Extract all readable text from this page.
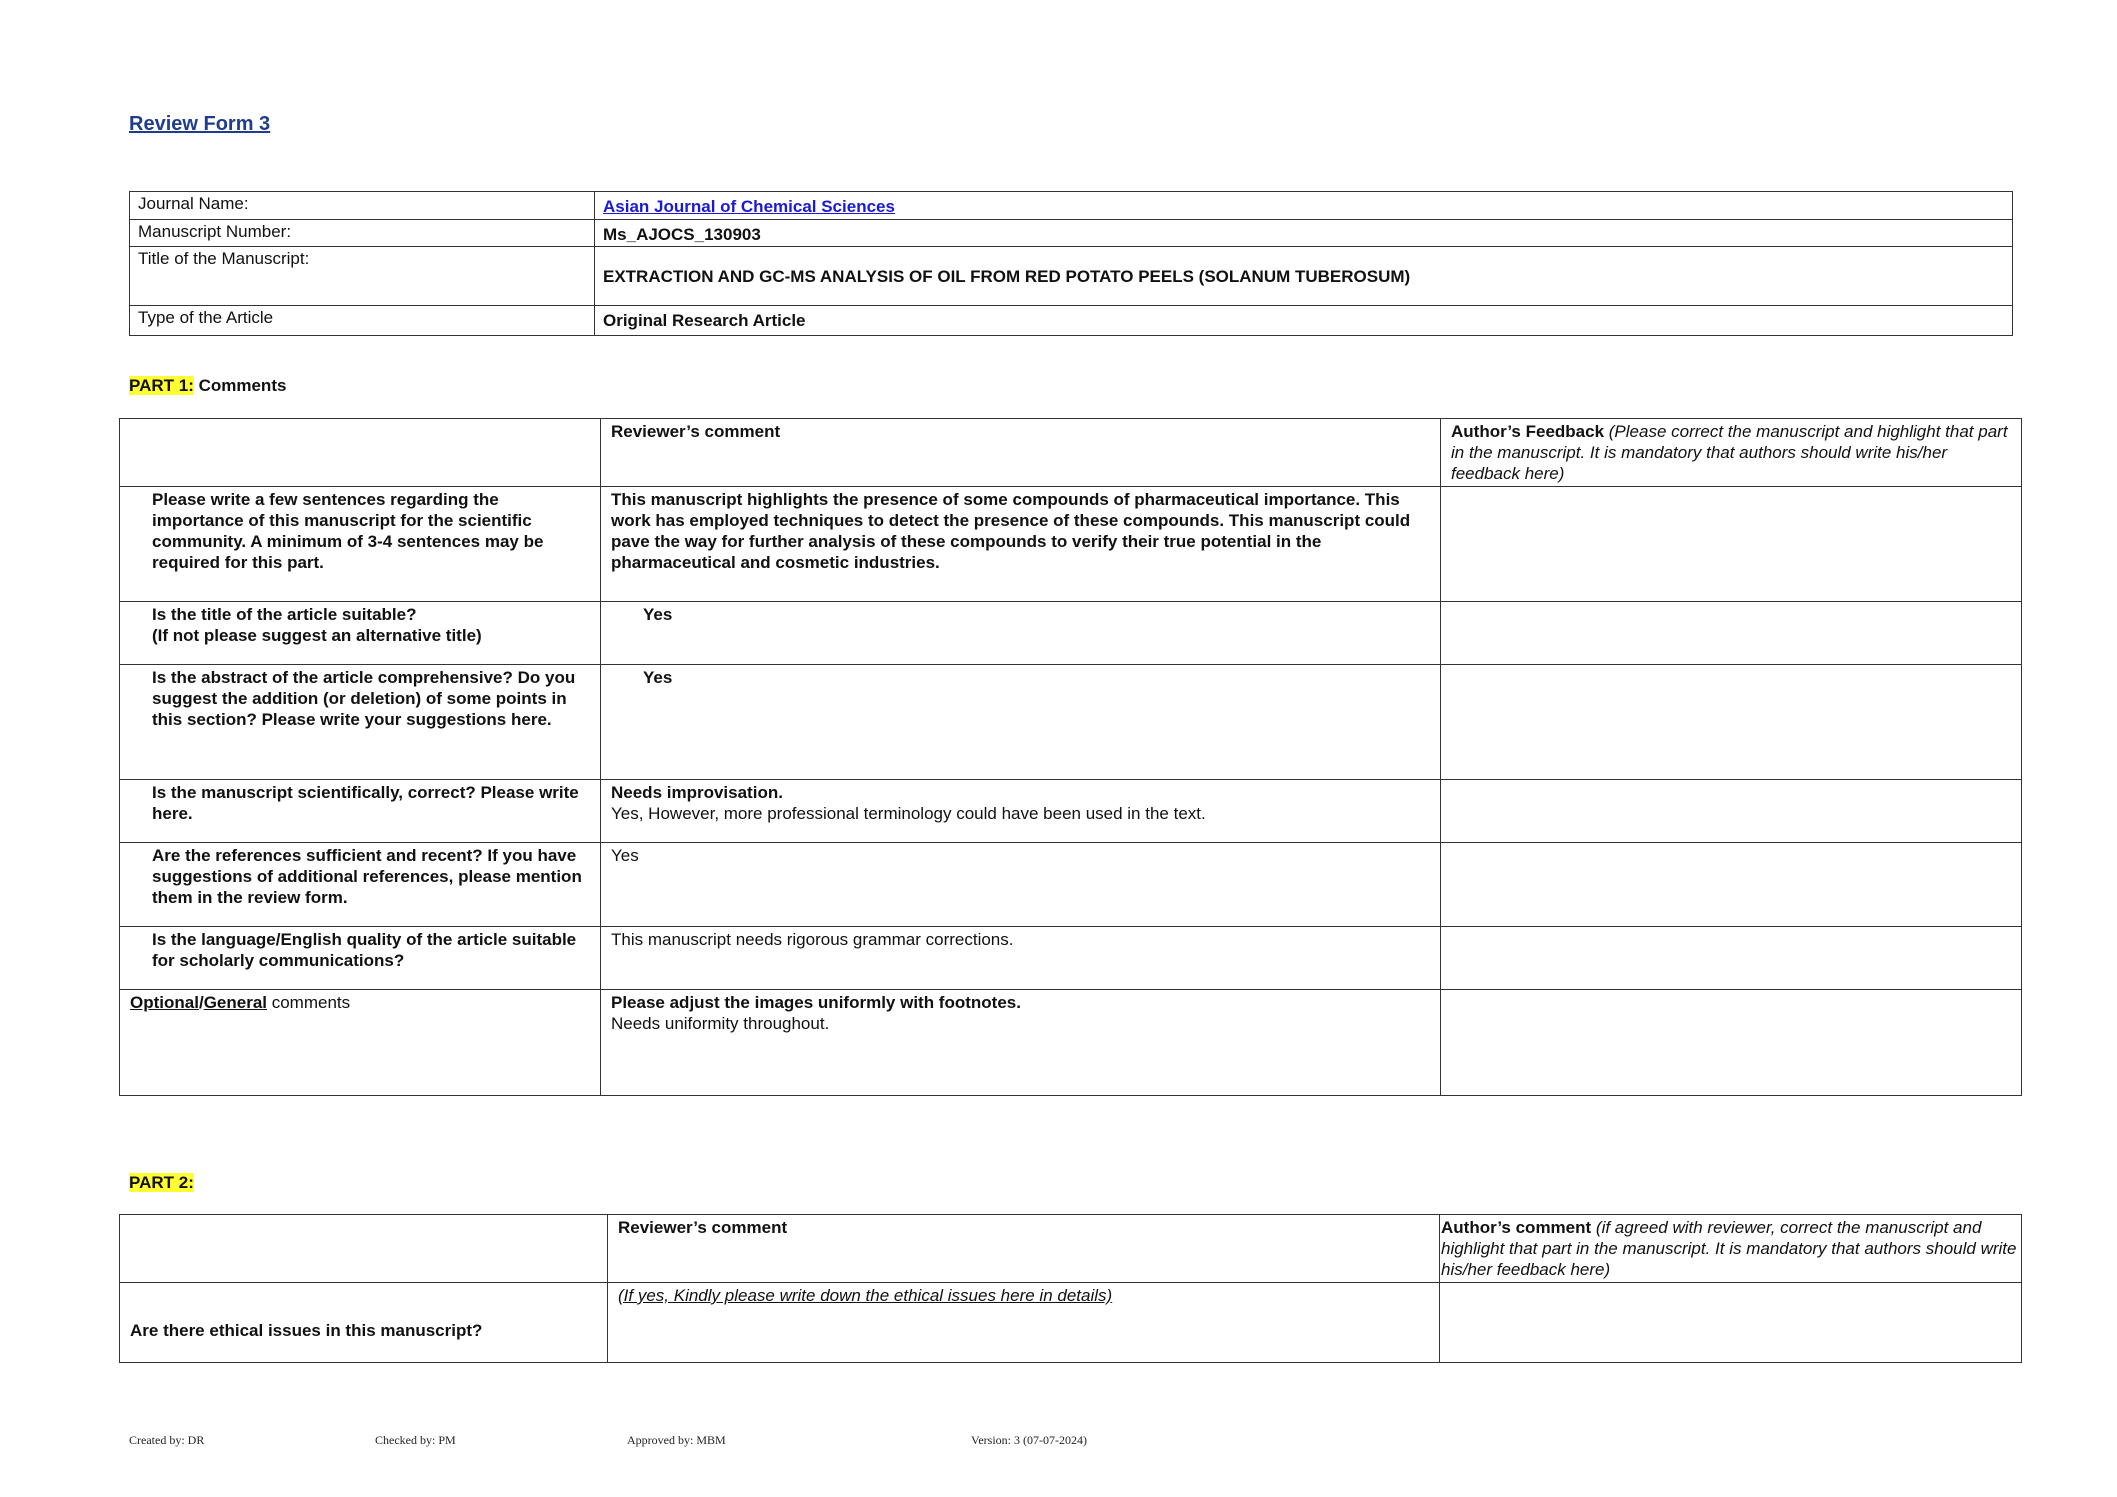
Review Form 3
Journal Name:	Asian Journal of Chemical Sciences
Manuscript Number:	Ms_AJOCS_130903
Title of the Manuscript:	EXTRACTION AND GC-MS ANALYSIS OF OIL FROM RED POTATO PEELS (SOLANUM TUBEROSUM)
Type of the Article	Original Research Article
PART 1: Comments
	Reviewer’s comment	Author’s Feedback (Please correct the manuscript and highlight that part in the manuscript. It is mandatory that authors should write his/her feedback here)
Please write a few sentences regarding the importance of this manuscript for the scientific community. A minimum of 3-4 sentences may be required for this part.	This manuscript highlights the presence of some compounds of pharmaceutical importance. This work has employed techniques to detect the presence of these compounds. This manuscript could pave the way for further analysis of these compounds to verify their true potential in the pharmaceutical and cosmetic industries.	

Is the title of the article suitable?
(If not please suggest an alternative title)	Yes	

Is the abstract of the article comprehensive? Do you suggest the addition (or deletion) of some points in this section? Please write your suggestions here.	Yes	

Is the manuscript scientifically, correct? Please write here.	Needs improvisation.
Yes, However, more professional terminology could have been used in the text.	

Are the references sufficient and recent? If you have suggestions of additional references, please mention them in the review form.	Yes	

Is the language/English quality of the article suitable for scholarly communications?	This manuscript needs rigorous grammar corrections.	

Optional/General comments	Please adjust the images uniformly with footnotes.
Needs uniformity throughout.	

PART 2:
	Reviewer’s comment	Author’s comment (if agreed with reviewer, correct the manuscript and highlight that part in the manuscript. It is mandatory that authors should write his/her feedback here)
Are there ethical issues in this manuscript?	(If yes, Kindly please write down the ethical issues here in details)	

Created by: DR	Checked by: PM	Approved by: MBM	Version: 3 (07-07-2024)
